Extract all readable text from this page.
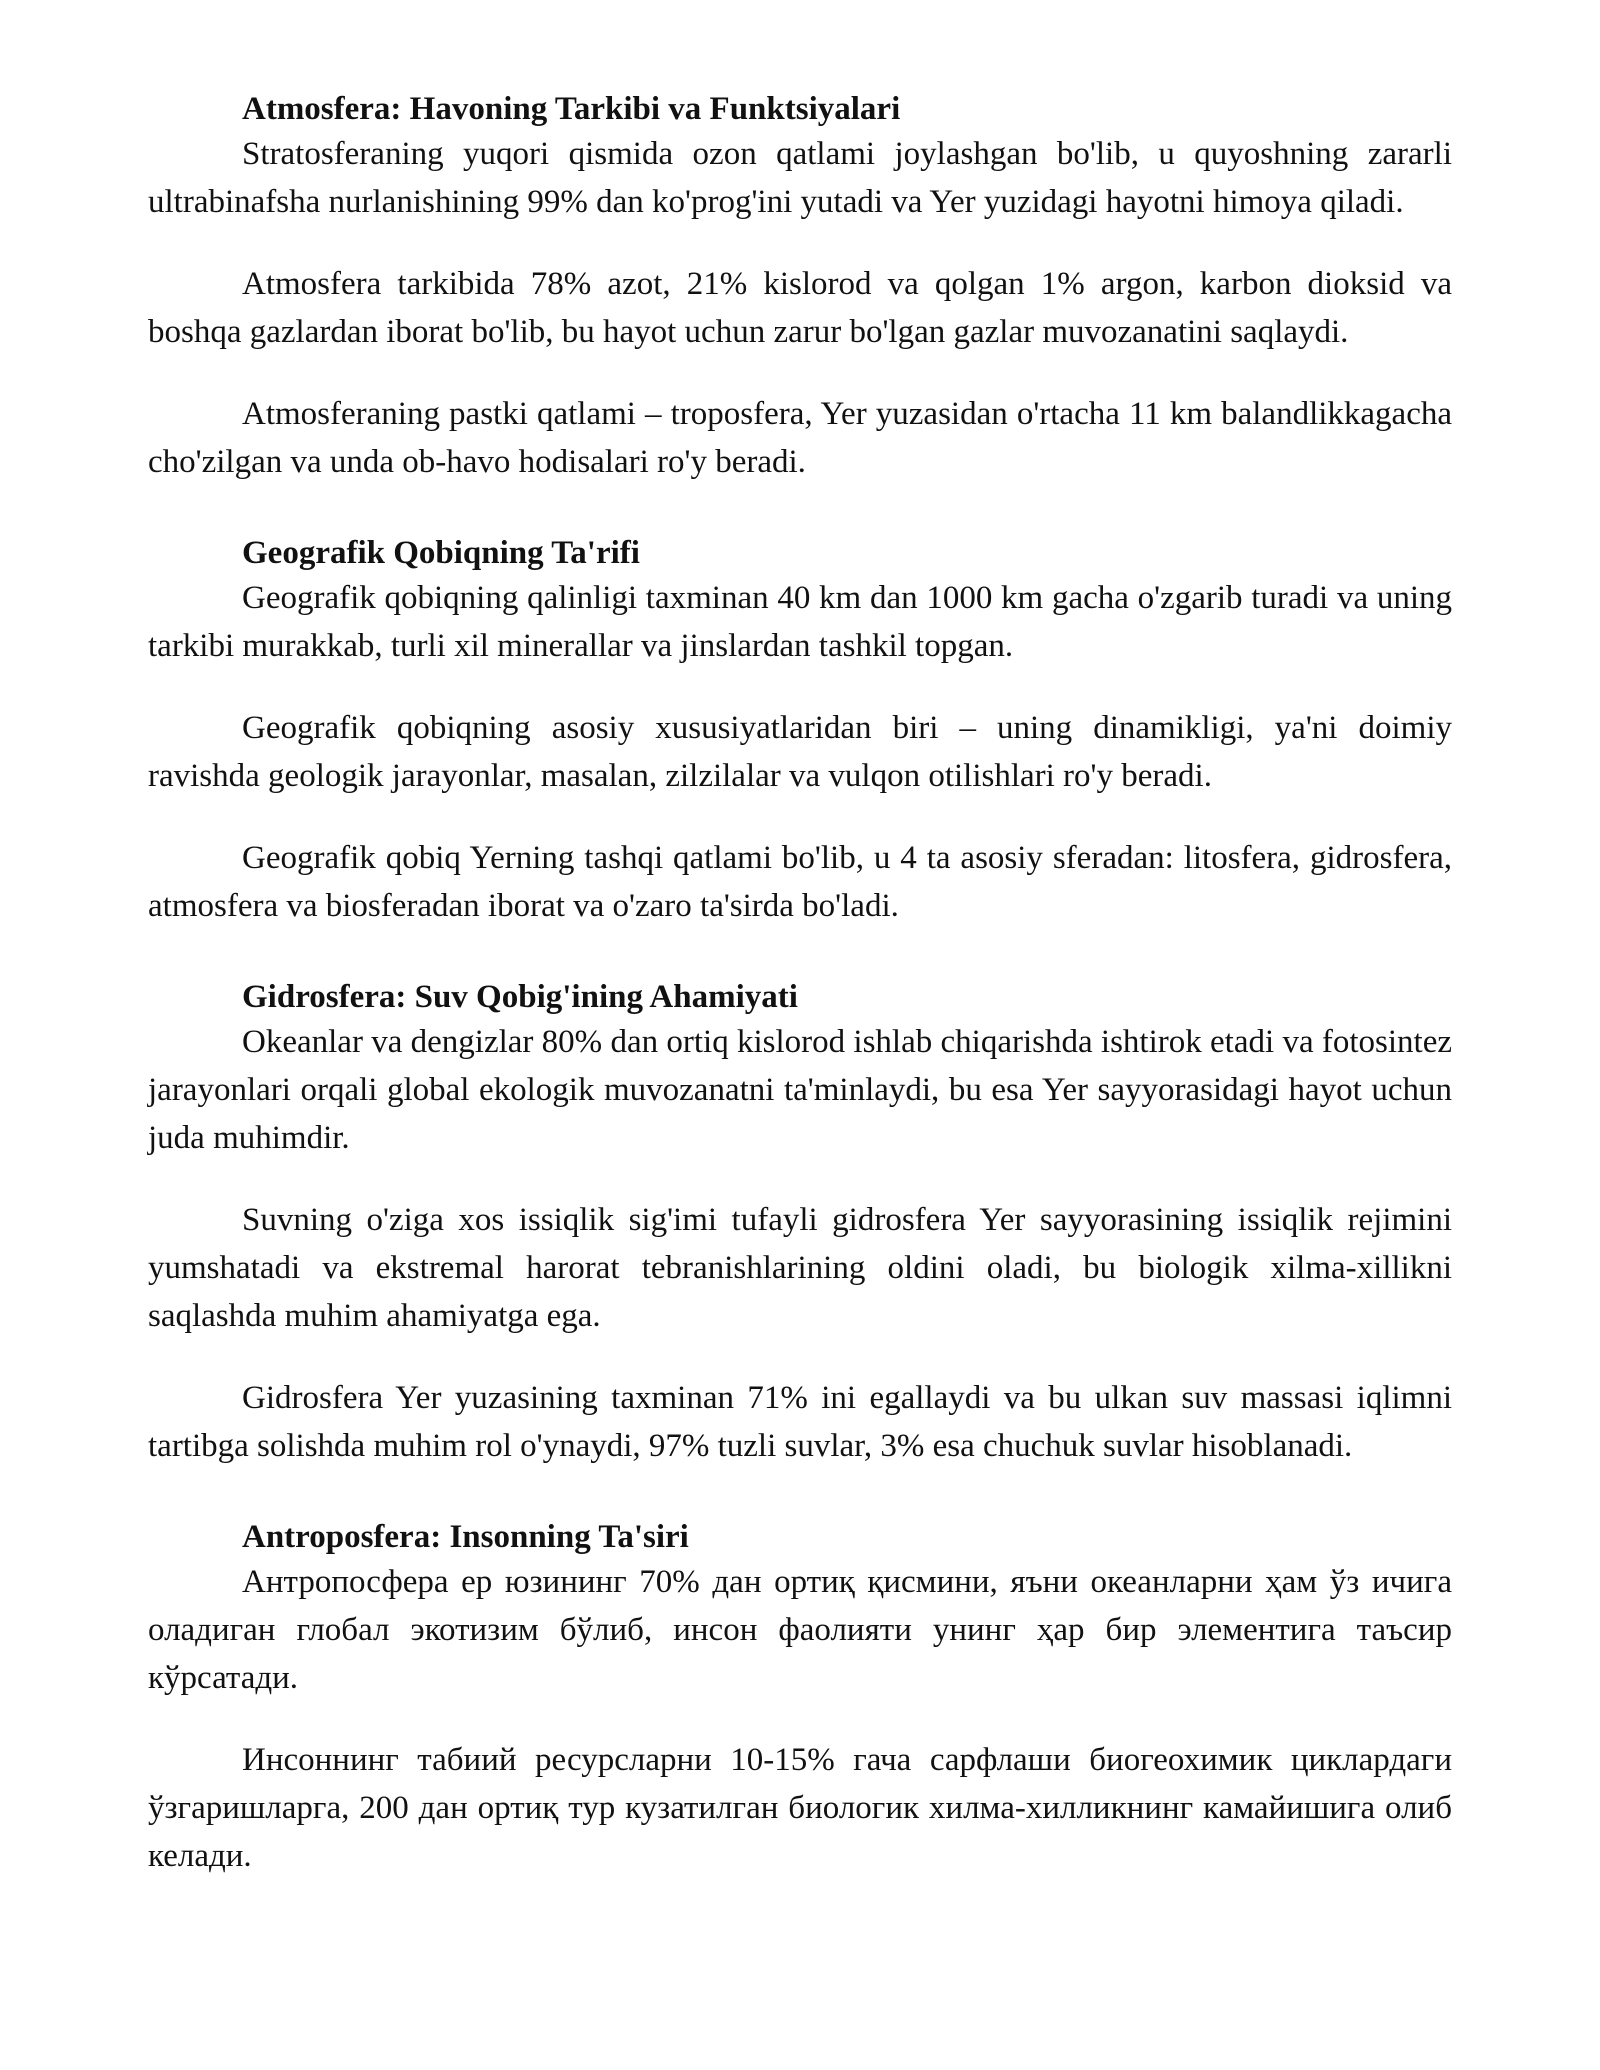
Atmosfera: Havoning Tarkibi va Funktsiyalari

Stratosferaning yuqori qismida ozon qatlami joylashgan bo'lib, u quyoshning zararli ultrabinafsha nurlanishining 99% dan ko'prog'ini yutadi va Yer yuzidagi hayotni himoya qiladi.

Atmosfera tarkibida 78% azot, 21% kislorod va qolgan 1% argon, karbon dioksid va boshqa gazlardan iborat bo'lib, bu hayot uchun zarur bo'lgan gazlar muvozanatini saqlaydi.

Atmosferaning pastki qatlami – troposfera, Yer yuzasidan o'rtacha 11 km balandlikkagacha cho'zilgan va unda ob-havo hodisalari ro'y beradi.

Geografik Qobiqning Ta'rifi

Geografik qobiqning qalinligi taxminan 40 km dan 1000 km gacha o'zgarib turadi va uning tarkibi murakkab, turli xil minerallar va jinslardan tashkil topgan.

Geografik qobiqning asosiy xususiyatlaridan biri – uning dinamikligi, ya'ni doimiy ravishda geologik jarayonlar, masalan, zilzilalar va vulqon otilishlari ro'y beradi.

Geografik qobiq Yerning tashqi qatlami bo'lib, u 4 ta asosiy sferadan: litosfera, gidrosfera, atmosfera va biosferadan iborat va o'zaro ta'sirda bo'ladi.

Gidrosfera: Suv Qobig'ining Ahamiyati

Okeanlar va dengizlar 80% dan ortiq kislorod ishlab chiqarishda ishtirok etadi va fotosintez jarayonlari orqali global ekologik muvozanatni ta'minlaydi, bu esa Yer sayyorasidagi hayot uchun juda muhimdir.

Suvning o'ziga xos issiqlik sig'imi tufayli gidrosfera Yer sayyorasining issiqlik rejimini yumshatadi va ekstremal harorat tebranishlarining oldini oladi, bu biologik xilma-xillikni saqlashda muhim ahamiyatga ega.

Gidrosfera Yer yuzasining taxminan 71% ini egallaydi va bu ulkan suv massasi iqlimni tartibga solishda muhim rol o'ynaydi, 97% tuzli suvlar, 3% esa chuchuk suvlar hisoblanadi.

Antroposfera: Insonning Ta'siri

Антропосфера ер юзининг 70% дан ортиқ қисмини, яъни океанларни ҳам ўз ичига оладиган глобал экотизим бўлиб, инсон фаолияти унинг ҳар бир элементига таъсир кўрсатади.

Инсоннинг табиий ресурсларни 10-15% гача сарфлаши биогеохимик циклардаги ўзгаришларга, 200 дан ортиқ тур кузатилган биологик хилма-хилликнинг камайишига олиб келади.
